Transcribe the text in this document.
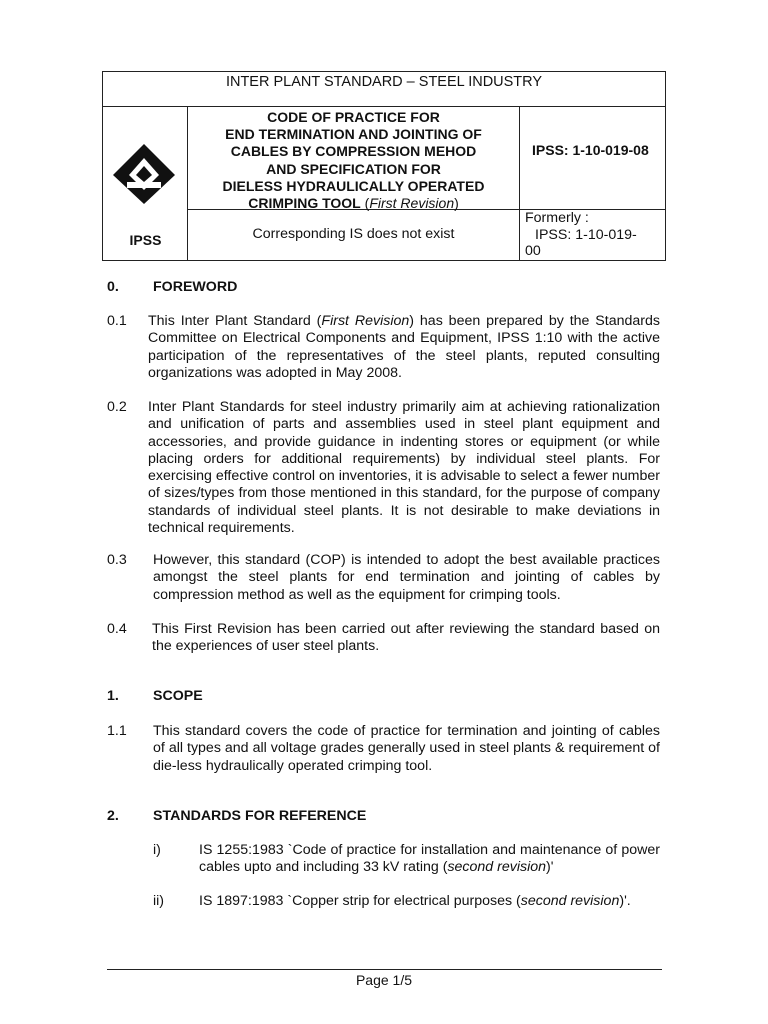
INTER PLANT STANDARD – STEEL INDUSTRY
IPSS
CODE OF PRACTICE FOR
END TERMINATION AND JOINTING OF
CABLES BY COMPRESSION MEHOD
AND SPECIFICATION FOR
DIELESS HYDRAULICALLY OPERATED
CRIMPING TOOL (First Revision)
IPSS: 1-10-019-08
Corresponding IS does not exist
Formerly :
IPSS: 1-10-019-
00
0. FOREWORD
0.1 This Inter Plant Standard (First Revision) has been prepared by the Standards Committee on Electrical Components and Equipment, IPSS 1:10 with the active participation of the representatives of the steel plants, reputed consulting organizations was adopted in May 2008.
0.2 Inter Plant Standards for steel industry primarily aim at achieving rationalization and unification of parts and assemblies used in steel plant equipment and accessories, and provide guidance in indenting stores or equipment (or while placing orders for additional requirements) by individual steel plants. For exercising effective control on inventories, it is advisable to select a fewer number of sizes/types from those mentioned in this standard, for the purpose of company standards of individual steel plants. It is not desirable to make deviations in technical requirements.
0.3 However, this standard (COP) is intended to adopt the best available practices amongst the steel plants for end termination and jointing of cables by compression method as well as the equipment for crimping tools.
0.4 This First Revision has been carried out after reviewing the standard based on the experiences of user steel plants.
1. SCOPE
1.1 This standard covers the code of practice for termination and jointing of cables of all types and all voltage grades generally used in steel plants & requirement of die-less hydraulically operated crimping tool.
2. STANDARDS FOR REFERENCE
i)	IS 1255:1983 `Code of practice for installation and maintenance of power cables upto and including 33 kV rating (second revision)'
ii) IS 1897:1983 `Copper strip for electrical purposes (second revision)'.
Page 1/5
